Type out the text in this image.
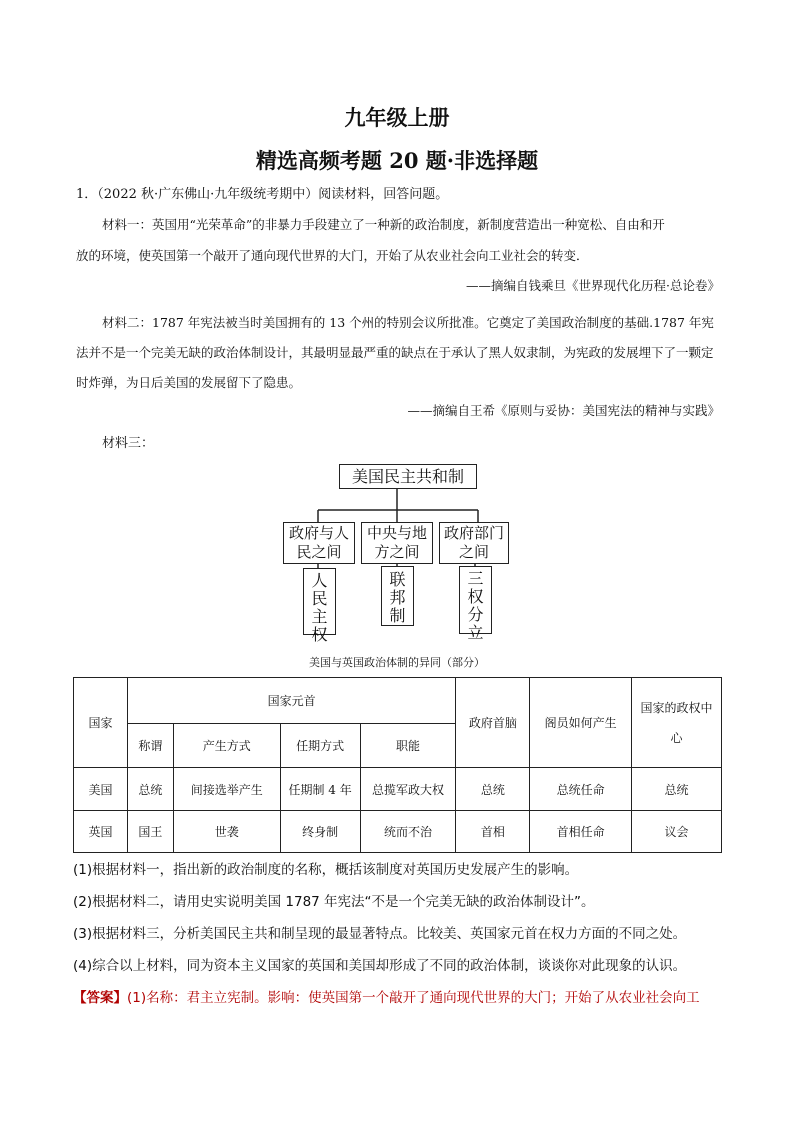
九年级上册
精选高频考题 20 题·非选择题
1．（2022 秋·广东佛山·九年级统考期中）阅读材料，回答问题。
材料一：英国用“光荣革命”的非暴力手段建立了一种新的政治制度，新制度营造出一种宽松、自由和开
放的环境，使英国第一个敲开了通向现代世界的大门，开始了从农业社会向工业社会的转变．
——摘编自钱乘旦《世界现代化历程·总论卷》
材料二：1787 年宪法被当时美国拥有的 13 个州的特别会议所批准。它奠定了美国政治制度的基础.1787 年宪法并不是一个完美无缺的政治体制设计，其最明显最严重的缺点在于承认了黑人奴隶制，为宪政的发展埋下了一颗定时炸弹，为日后美国的发展留下了隐患。
——摘编自王希《原则与妥协：美国宪法的精神与实践》
材料三：
美国民主共和制
政府与人民之间
中央与地方之间
政府部门之间
人
民
主
权
联
邦
制
三
权
分
立
美国与英国政治体制的异同（部分）
国家	国家元首				政府首脑	阁员如何产生	国家的政权中心
	称谓	产生方式	任期方式	职能			
美国	总统	间接选举产生	任期制 4 年	总揽军政大权	总统	总统任命	总统
英国	国王	世袭	终身制	统而不治	首相	首相任命	议会
(1)根据材料一，指出新的政治制度的名称，概括该制度对英国历史发展产生的影响。
(2)根据材料二，请用史实说明美国 1787 年宪法“不是一个完美无缺的政治体制设计”。
(3)根据材料三，分析美国民主共和制呈现的最显著特点。比较美、英国家元首在权力方面的不同之处。
(4)综合以上材料，同为资本主义国家的英国和美国却形成了不同的政治体制，谈谈你对此现象的认识。
【答案】(1)名称：君主立宪制。影响：使英国第一个敲开了通向现代世界的大门；开始了从农业社会向工
